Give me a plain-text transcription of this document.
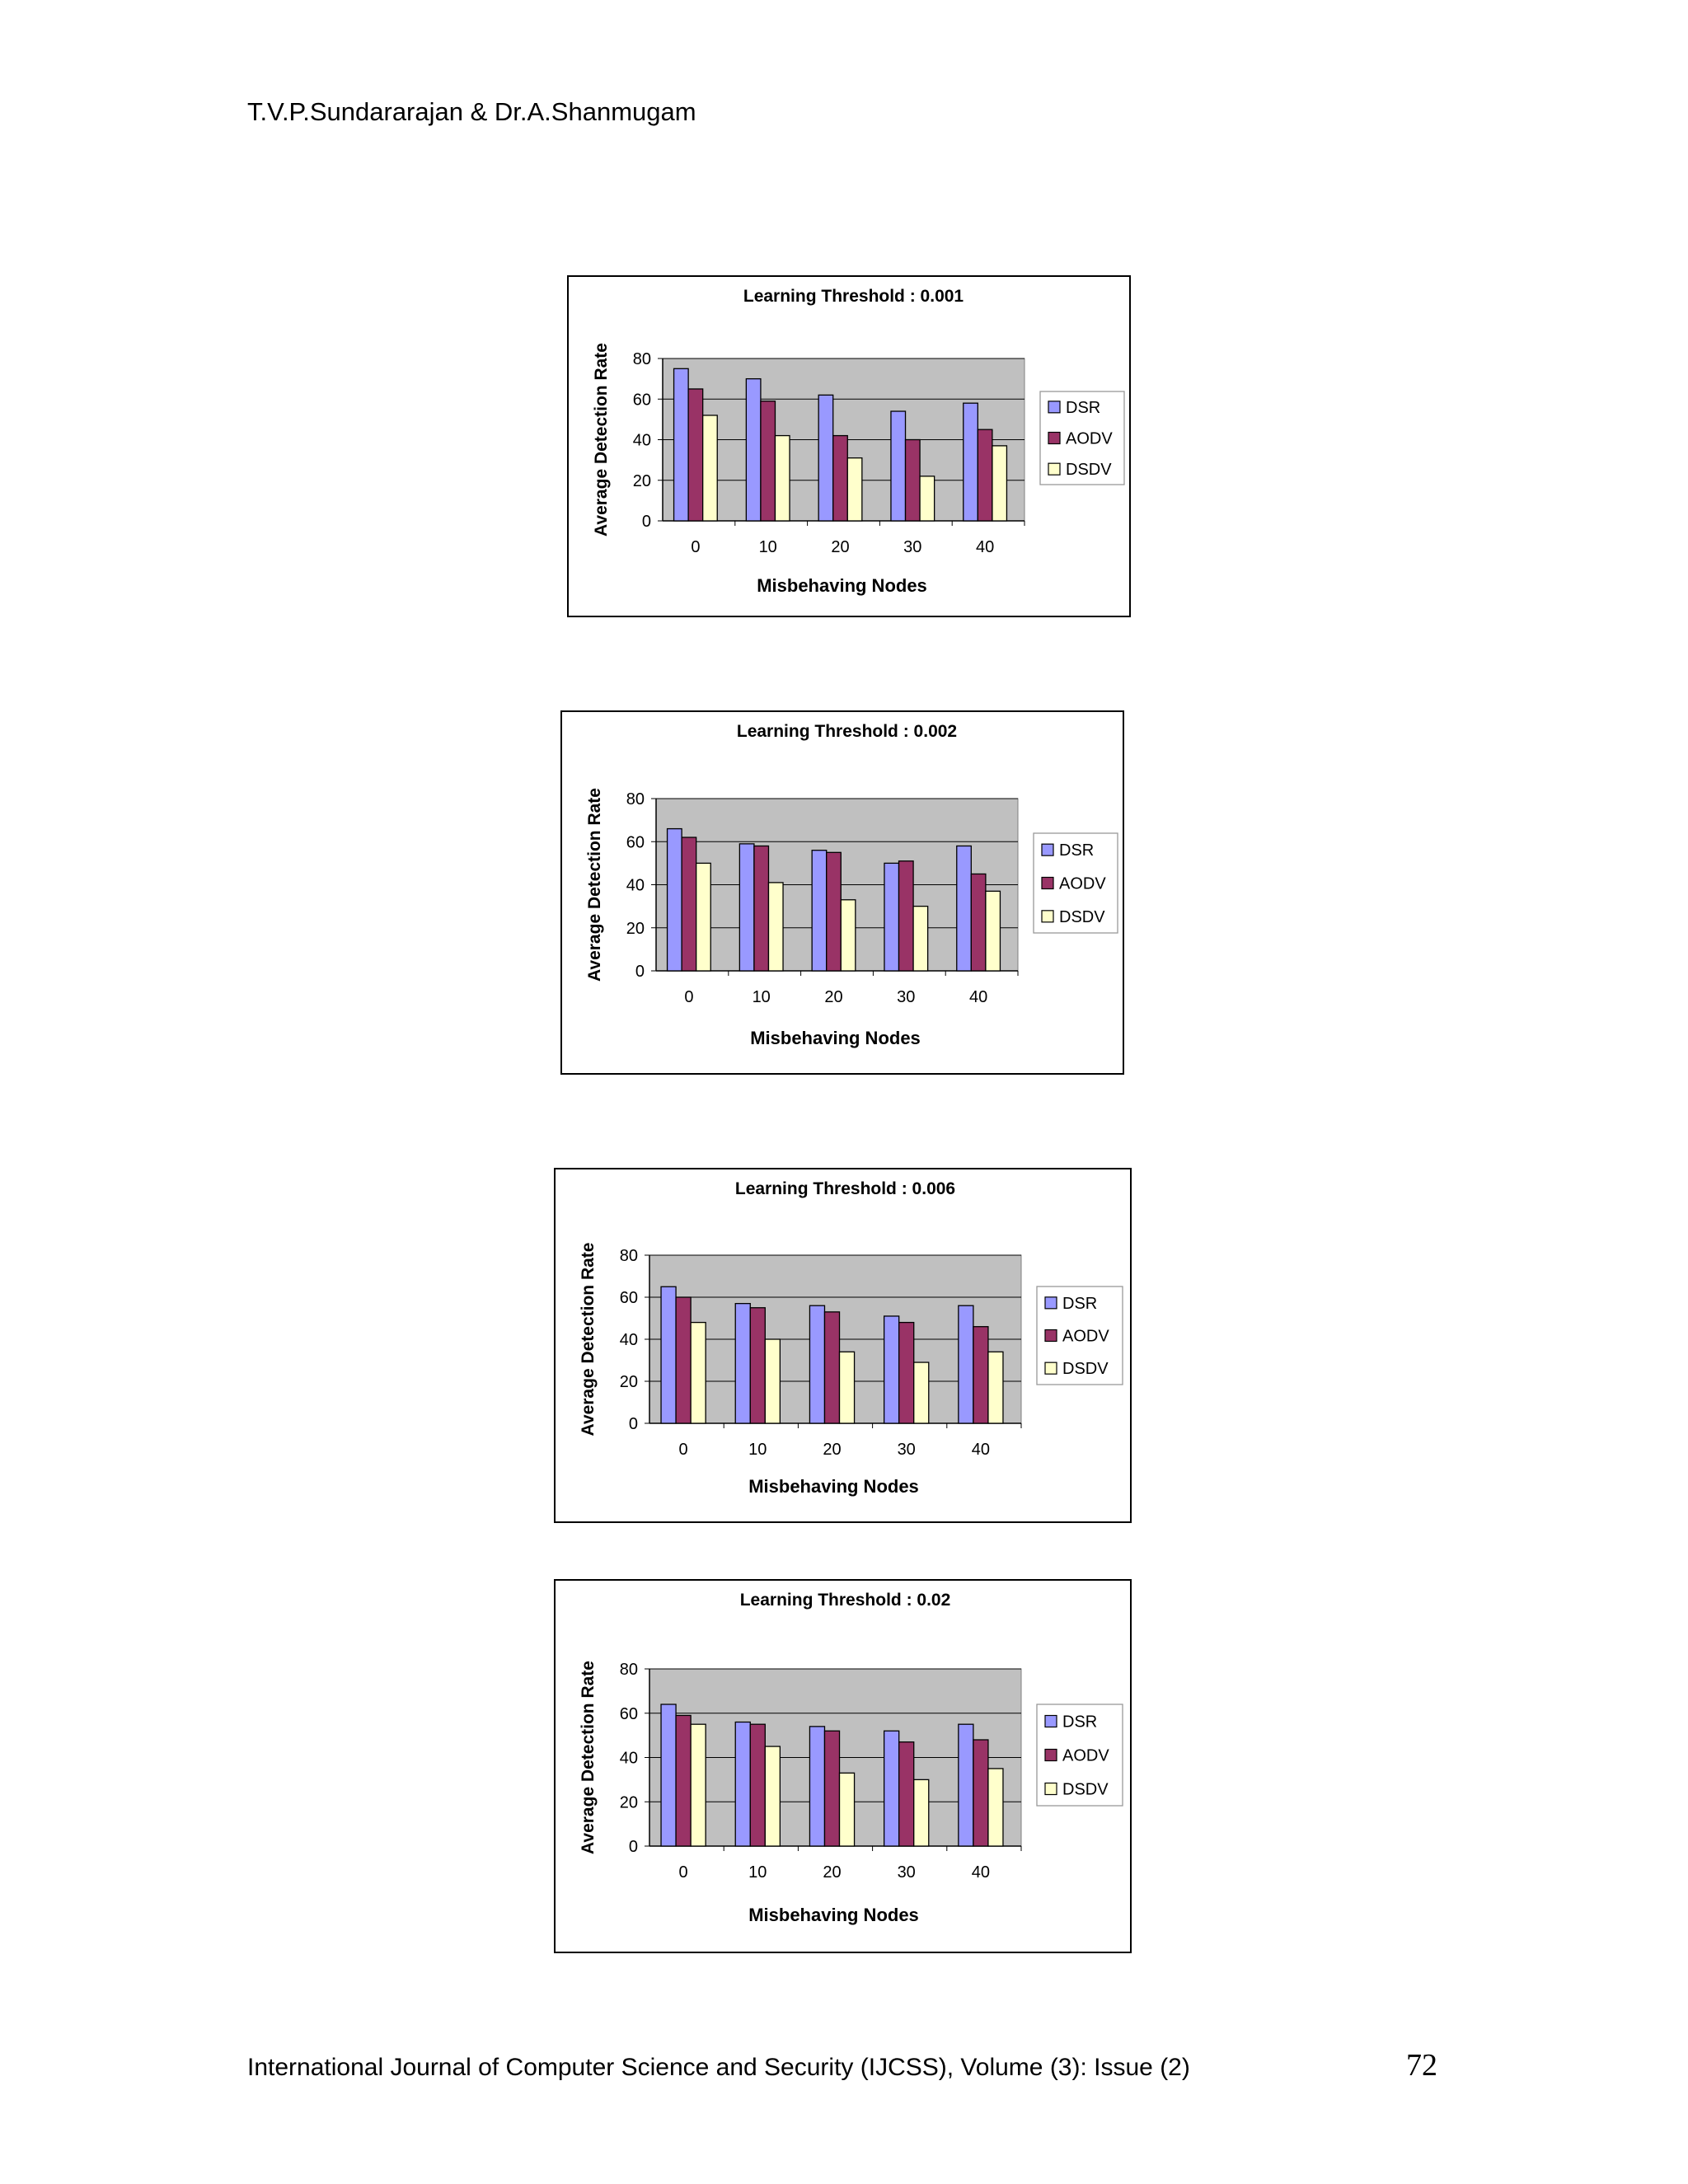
T.V.P.Sundararajan & Dr.A.Shanmugam
Learning Threshold : 0.001
0
20
40
60
80
0	10	20	30	40
Misbehaving Nodes
Average Detection Rate	DSR
AODV
DSDV
Learning Threshold : 0.002
0
20
40
60
80
0	10	20	30	40
Misbehaving Nodes
Average Detection Rate	DSR
AODV
DSDV
Learning Threshold : 0.006
0
20
40
60
80
0	10	20	30	40
Misbehaving Nodes
Average Detection Rate	DSR
AODV
DSDV
Learning Threshold : 0.02
0
20
40
60
80
0	10	20	30	40
Misbehaving Nodes
Average Detection Rate	DSR
AODV
DSDV
International Journal of Computer Science and Security (IJCSS), Volume (3): Issue (2)	72
